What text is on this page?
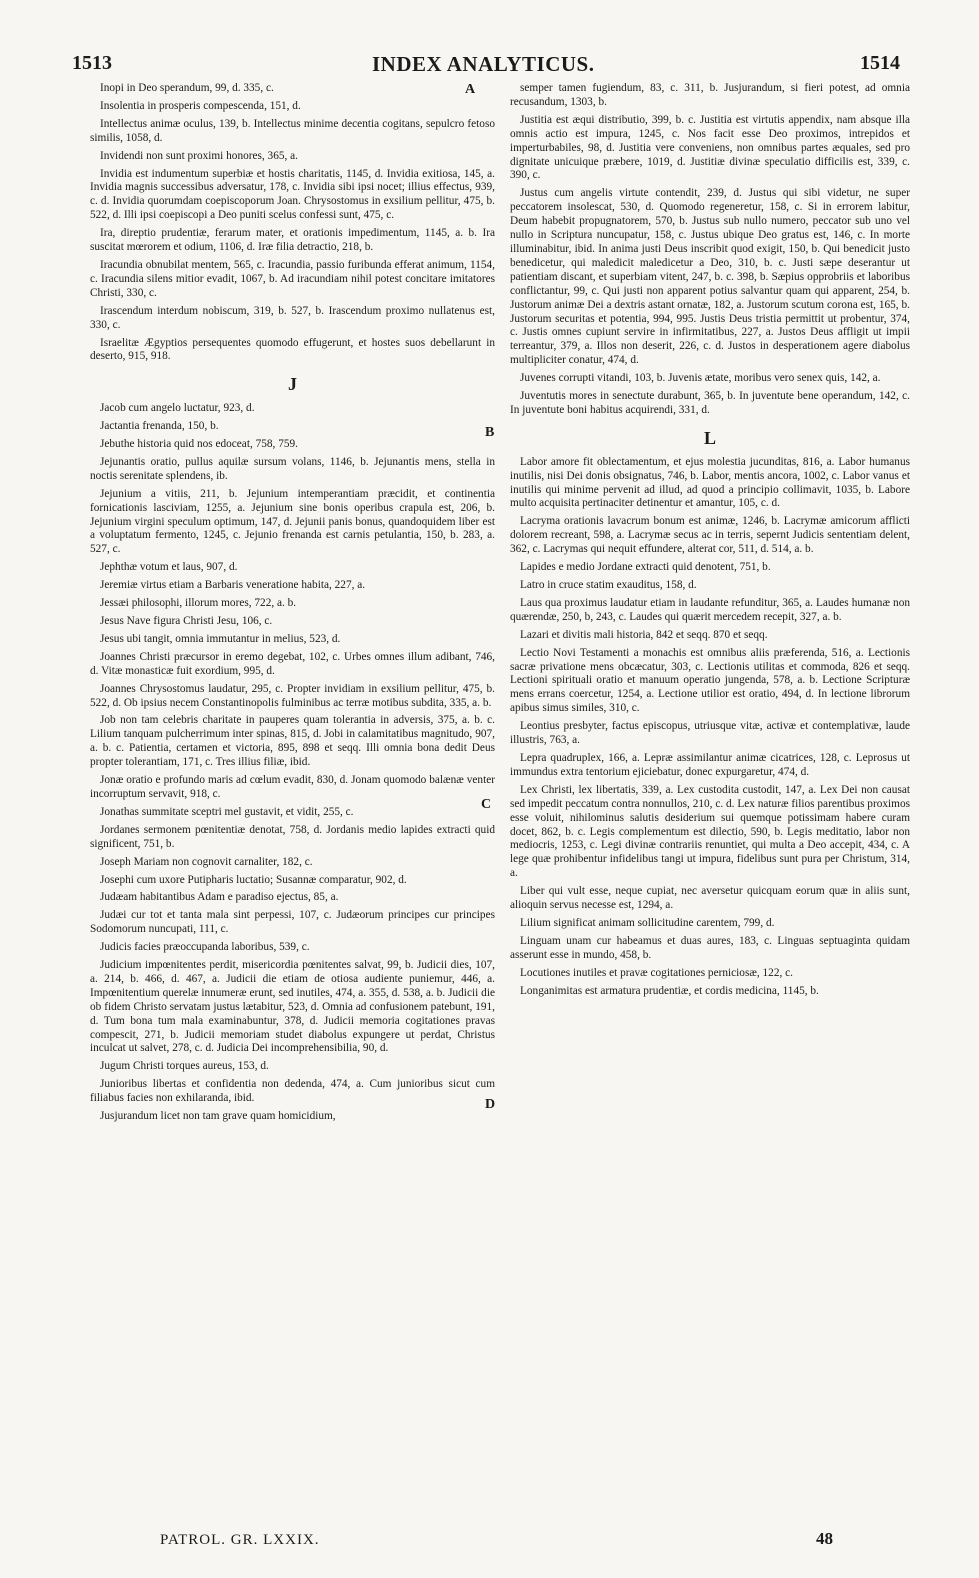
1513	INDEX ANALYTICUS.	1514
A
B
C
D

Inopi in Deo sperandum, 99, d. 335, c.

Insolentia in prosperis compescenda, 151, d.

Intellectus animæ oculus, 139, b. Intellectus minime decentia cogitans, sepulcro fetoso similis, 1058, d.

Invidendi non sunt proximi honores, 365, a.

Invidia est indumentum superbiæ et hostis charitatis, 1145, d. Invidia exitiosa, 145, a. Invidia magnis successibus adversatur, 178, c. Invidia sibi ipsi nocet; illius effectus, 939, c. d. Invidia quorumdam coepiscoporum Joan. Chrysostomus in exsilium pellitur, 475, b. 522, d. Illi ipsi coepiscopi a Deo puniti scelus confessi sunt, 475, c.

Ira, direptio prudentiæ, ferarum mater, et orationis impedimentum, 1145, a. b. Ira suscitat mœrorem et odium, 1106, d. Iræ filia detractio, 218, b.

Iracundia obnubilat mentem, 565, c. Iracundia, passio furibunda efferat animum, 1154, c. Iracundia silens mitior evadit, 1067, b. Ad iracundiam nihil potest concitare imitatores Christi, 330, c.

Irascendum interdum nobiscum, 319, b. 527, b. Irascendum proximo nullatenus est, 330, c.

Israelitæ Ægyptios persequentes quomodo effugerunt, et hostes suos debellarunt in deserto, 915, 918.

J

Jacob cum angelo luctatur, 923, d.

Jactantia frenanda, 150, b.

Jebuthe historia quid nos edoceat, 758, 759.

Jejunantis oratio, pullus aquilæ sursum volans, 1146, b. Jejunantis mens, stella in noctis serenitate splendens, ib.

Jejunium a vitiis, 211, b. Jejunium intemperantiam præcidit, et continentia fornicationis lasciviam, 1255, a. Jejunium sine bonis operibus crapula est, 206, b. Jejunium virgini speculum optimum, 147, d. Jejunii panis bonus, quandoquidem liber est a voluptatum fermento, 1245, c. Jejunio frenanda est carnis petulantia, 150, b. 283, a. 527, c.

Jephthæ votum et laus, 907, d.

Jeremiæ virtus etiam a Barbaris veneratione habita, 227, a.

Jessæi philosophi, illorum mores, 722, a. b.

Jesus Nave figura Christi Jesu, 106, c.

Jesus ubi tangit, omnia immutantur in melius, 523, d.

Joannes Christi præcursor in eremo degebat, 102, c. Urbes omnes illum adibant, 746, d. Vitæ monasticæ fuit exordium, 995, d.

Joannes Chrysostomus laudatur, 295, c. Propter invidiam in exsilium pellitur, 475, b. 522, d. Ob ipsius necem Constantinopolis fulminibus ac terræ motibus subdita, 335, a. b.

Job non tam celebris charitate in pauperes quam tolerantia in adversis, 375, a. b. c. Lilium tanquam pulcherrimum inter spinas, 815, d. Jobi in calamitatibus magnitudo, 907, a. b. c. Patientia, certamen et victoria, 895, 898 et seqq. Illi omnia bona dedit Deus propter tolerantiam, 171, c. Tres illius filiæ, ibid.

Jonæ oratio e profundo maris ad cœlum evadit, 830, d. Jonam quomodo balænæ venter incorruptum servavit, 918, c.

Jonathas summitate sceptri mel gustavit, et vidit, 255, c.

Jordanes sermonem pœnitentiæ denotat, 758, d. Jordanis medio lapides extracti quid significent, 751, b.

Joseph Mariam non cognovit carnaliter, 182, c.

Josephi cum uxore Putipharis luctatio; Susannæ comparatur, 902, d.

Judæam habitantibus Adam e paradiso ejectus, 85, a.

Judæi cur tot et tanta mala sint perpessi, 107, c. Judæorum principes cur principes Sodomorum nuncupati, 111, c.

Judicis facies præoccupanda laboribus, 539, c.

Judicium impœnitentes perdit, misericordia pœnitentes salvat, 99, b. Judicii dies, 107, a. 214, b. 466, d. 467, a. Judicii die etiam de otiosa audiente puniemur, 446, a. Impœnitentium querelæ innumeræ erunt, sed inutiles, 474, a. 355, d. 538, a. b. Judicii die ob fidem Christo servatam justus lætabitur, 523, d. Omnia ad confusionem patebunt, 191, d. Tum bona tum mala examinabuntur, 378, d. Judicii memoria cogitationes pravas compescit, 271, b. Judicii memoriam studet diabolus expungere ut perdat, Christus inculcat ut salvet, 278, c. d. Judicia Dei incomprehensibilia, 90, d.

Jugum Christi torques aureus, 153, d.

Junioribus libertas et confidentia non dedenda, 474, a. Cum junioribus sicut cum filiabus facies non exhilaranda, ibid.

Jusjurandum licet non tam grave quam homicidium,

semper tamen fugiendum, 83, c. 311, b. Jusjurandum, si fieri potest, ad omnia recusandum, 1303, b.

Justitia est æqui distributio, 399, b. c. Justitia est virtutis appendix, nam absque illa omnis actio est impura, 1245, c. Nos facit esse Deo proximos, intrepidos et imperturbabiles, 98, d. Justitia vere conveniens, non omnibus partes æquales, sed pro dignitate unicuique præbere, 1019, d. Justitiæ divinæ speculatio difficilis est, 339, c. 390, c.

Justus cum angelis virtute contendit, 239, d. Justus qui sibi videtur, ne super peccatorem insolescat, 530, d. Quomodo regeneretur, 158, c. Si in errorem labitur, Deum habebit propugnatorem, 570, b. Justus sub nullo numero, peccator sub uno vel nullo in Scriptura nuncupatur, 158, c. Justus ubique Deo gratus est, 146, c. In morte illuminabitur, ibid. In anima justi Deus inscribit quod exigit, 150, b. Qui benedicit justo benedicetur, qui maledicit maledicetur a Deo, 310, b. c. Justi sæpe deserantur ut patientiam discant, et superbiam vitent, 247, b. c. 398, b. Sæpius opprobriis et laboribus conflictantur, 99, c. Qui justi non apparent potius salvantur quam qui apparent, 254, b. Justorum animæ Dei a dextris astant ornatæ, 182, a. Justorum scutum corona est, 165, b. Justorum securitas et potentia, 994, 995. Justis Deus tristia permittit ut probentur, 374, c. Justis omnes cupiunt servire in infirmitatibus, 227, a. Justos Deus affligit ut impii terreantur, 379, a. Illos non deserit, 226, c. d. Justos in desperationem agere diabolus multipliciter conatur, 474, d.

Juvenes corrupti vitandi, 103, b. Juvenis ætate, moribus vero senex quis, 142, a.

Juventutis mores in senectute durabunt, 365, b. In juventute bene operandum, 142, c. In juventute boni habitus acquirendi, 331, d.

L

Labor amore fit oblectamentum, et ejus molestia jucunditas, 816, a. Labor humanus inutilis, nisi Dei donis obsignatus, 746, b. Labor, mentis ancora, 1002, c. Labor vanus et inutilis qui minime pervenit ad illud, ad quod a principio collimavit, 1035, b. Labore multo acquisita pertinaciter detinentur et amantur, 105, c. d.

Lacryma orationis lavacrum bonum est animæ, 1246, b. Lacrymæ amicorum afflicti dolorem recreant, 598, a. Lacrymæ secus ac in terris, sepernt Judicis sententiam delent, 362, c. Lacrymas qui nequit effundere, alterat cor, 511, d. 514, a. b.

Lapides e medio Jordane extracti quid denotent, 751, b.

Latro in cruce statim exauditus, 158, d.

Laus qua proximus laudatur etiam in laudante refunditur, 365, a. Laudes humanæ non quærendæ, 250, b, 243, c. Laudes qui quærit mercedem recepit, 327, a. b.

Lazari et divitis mali historia, 842 et seqq. 870 et seqq.

Lectio Novi Testamenti a monachis est omnibus aliis præferenda, 516, a. Lectionis sacræ privatione mens obcæcatur, 303, c. Lectionis utilitas et commoda, 826 et seqq. Lectioni spirituali oratio et manuum operatio jungenda, 578, a. b. Lectione Scripturæ mens errans coercetur, 1254, a. Lectione utilior est oratio, 494, d. In lectione librorum apibus simus similes, 310, c.

Leontius presbyter, factus episcopus, utriusque vitæ, activæ et contemplativæ, laude illustris, 763, a.

Lepra quadruplex, 166, a. Lepræ assimilantur animæ cicatrices, 128, c. Leprosus ut immundus extra tentorium ejiciebatur, donec expurgaretur, 474, d.

Lex Christi, lex libertatis, 339, a. Lex custodita custodit, 147, a. Lex Dei non causat sed impedit peccatum contra nonnullos, 210, c. d. Lex naturæ filios parentibus proximos esse voluit, nihilominus salutis desiderium sui quemque potissimam habere curam docet, 862, b. c. Legis complementum est dilectio, 590, b. Legis meditatio, labor non mediocris, 1253, c. Legi divinæ contrariis renuntiet, qui multa a Deo accepit, 434, c. A lege quæ prohibentur infidelibus tangi ut impura, fidelibus sunt pura per Christum, 314, a.

Liber qui vult esse, neque cupiat, nec aversetur quicquam eorum quæ in aliis sunt, alioquin servus necesse est, 1294, a.

Lilium significat animam sollicitudine carentem, 799, d.

Linguam unam cur habeamus et duas aures, 183, c. Linguas septuaginta quidam asserunt esse in mundo, 458, b.

Locutiones inutiles et pravæ cogitationes perniciosæ, 122, c.

Longanimitas est armatura prudentiæ, et cordis medicina, 1145, b.

PATROL. GR. LXXIX.	48
